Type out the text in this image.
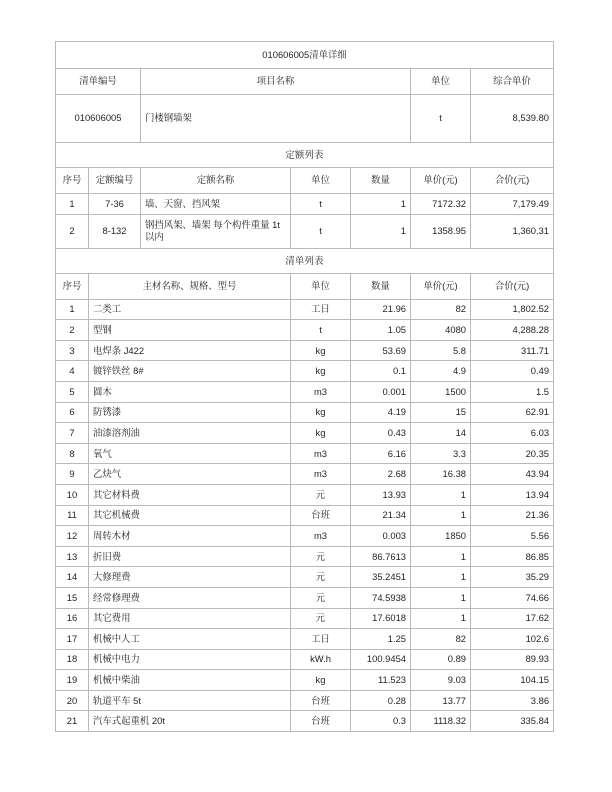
010606005清单详细						
清单编号		项目名称			单位	综合单价
010606005		门楼钢墙架			t	8,539.80
定额列表						
序号	定额编号	定额名称	单位	数量	单价(元)	合价(元)
1	7-36	墙、天窗、挡风架	t	1	7172.32	7,179.49
2	8-132	钢挡风架、墙架 每个构件重量 1t以内	t	1	1358.95	1,360.31
清单列表						
序号	主材名称、规格、型号		单位	数量	单价(元)	合价(元)
1	二类工		工日	21.96	82	1,802.52
2	型钢		t	1.05	4080	4,288.28
3	电焊条 J422		kg	53.69	5.8	311.71
4	镀锌铁丝 8#		kg	0.1	4.9	0.49
5	圆木		m3	0.001	1500	1.5
6	防锈漆		kg	4.19	15	62.91
7	油漆溶剂油		kg	0.43	14	6.03
8	氧气		m3	6.16	3.3	20.35
9	乙炔气		m3	2.68	16.38	43.94
10	其它材料费		元	13.93	1	13.94
11	其它机械费		台班	21.34	1	21.36
12	周转木材		m3	0.003	1850	5.56
13	折旧费		元	86.7613	1	86.85
14	大修理费		元	35.2451	1	35.29
15	经常修理费		元	74.5938	1	74.66
16	其它费用		元	17.6018	1	17.62
17	机械中人工		工日	1.25	82	102.6
18	机械中电力		kW.h	100.9454	0.89	89.93
19	机械中柴油		kg	11.523	9.03	104.15
20	轨道平车 5t		台班	0.28	13.77	3.86
21	汽车式起重机 20t		台班	0.3	1118.32	335.84
